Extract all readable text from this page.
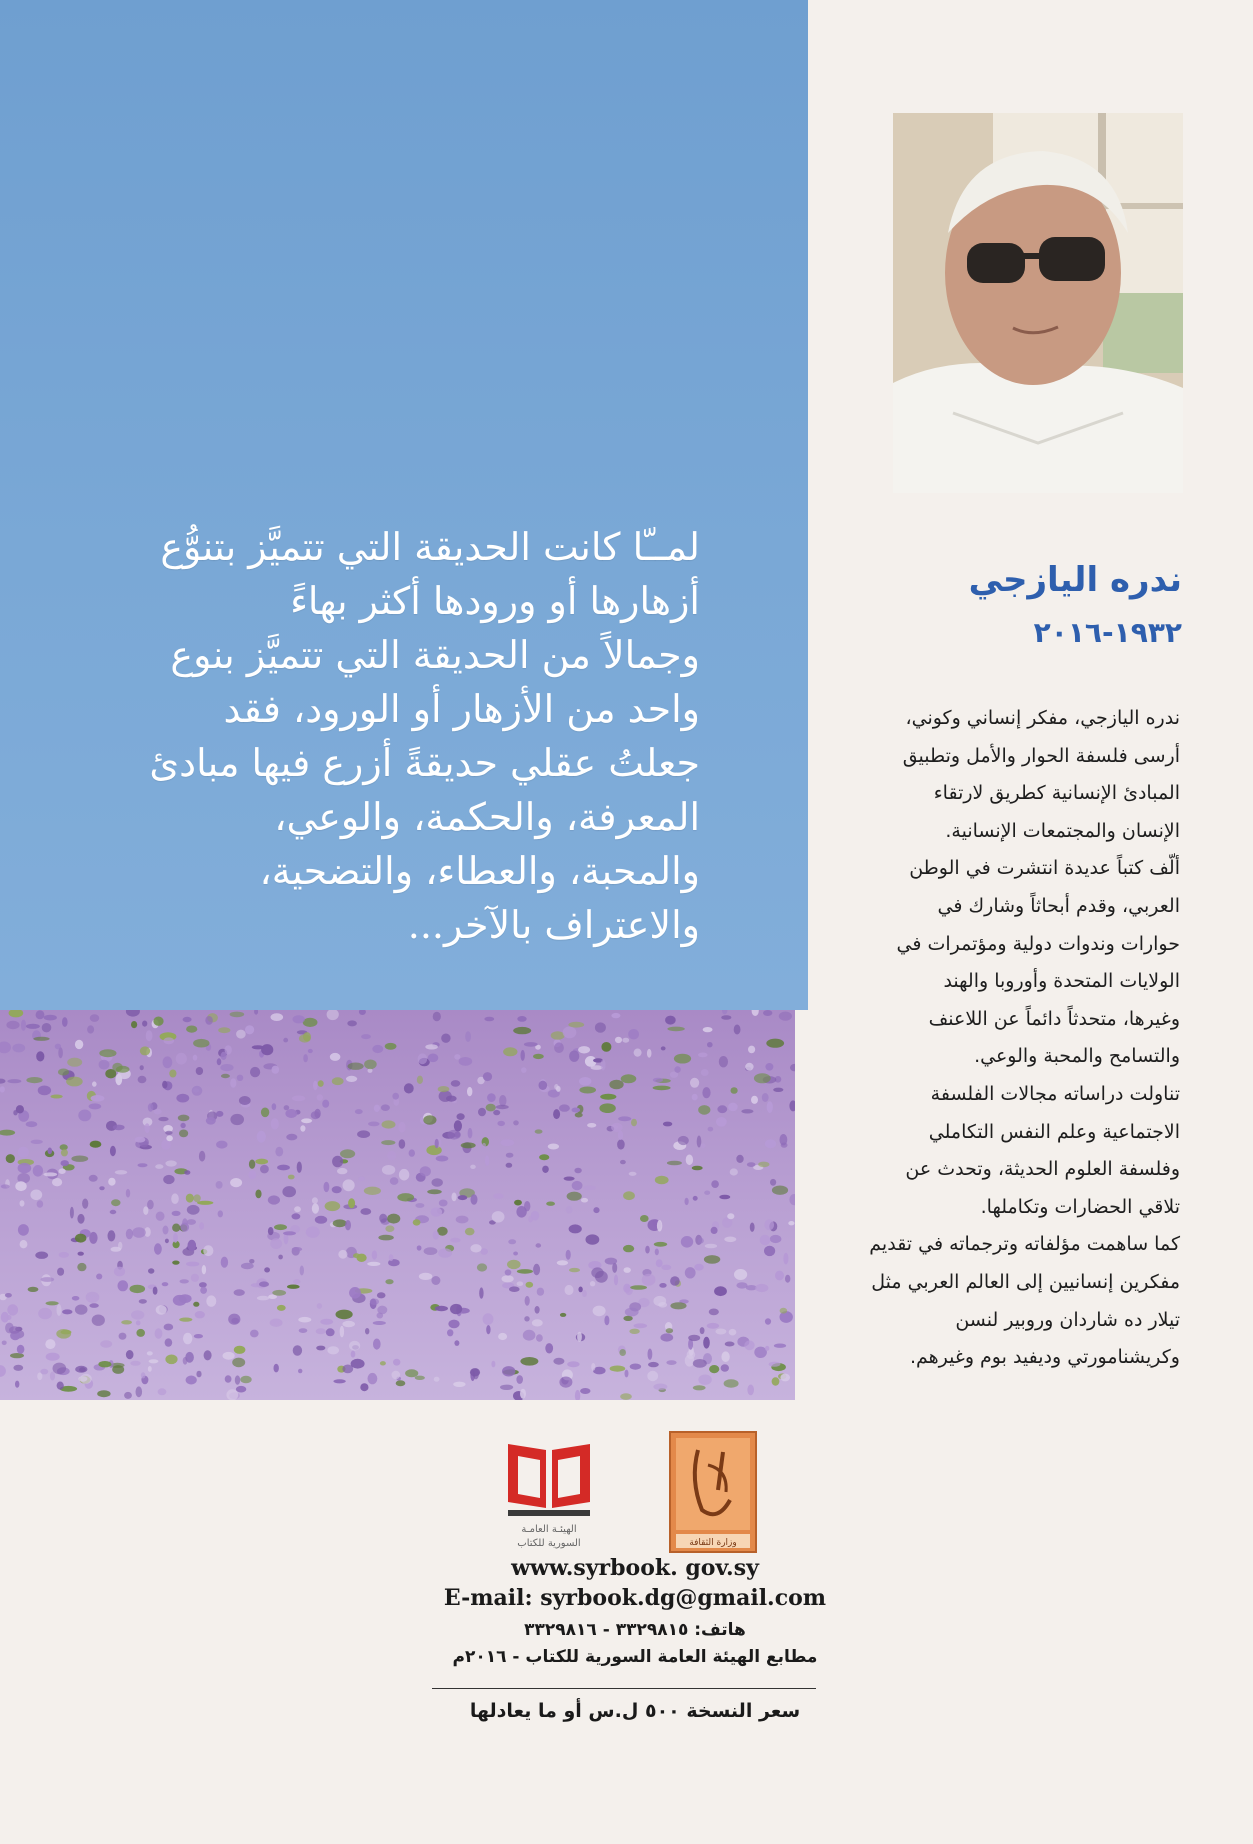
لمــّا كانت الحديقة التي تتميَّز بتنوُّع
أزهارها أو ورودها أكثر بهاءً
وجمالاً من الحديقة التي تتميَّز بنوع
واحد من الأزهار أو الورود، فقد
جعلتُ عقلي حديقةً أزرع فيها مبادئ
المعرفة، والحكمة، والوعي،
والمحبة، والعطاء، والتضحية،
والاعتراف بالآخر...
ندره اليازجي
١٩٣٢-٢٠١٦
ندره اليازجي، مفكر إنساني وكوني،
أرسى فلسفة الحوار والأمل وتطبيق
المبادئ الإنسانية كطريق لارتقاء
الإنسان والمجتمعات الإنسانية.
ألّف كتباً عديدة انتشرت في الوطن
العربي، وقدم أبحاثاً وشارك في
حوارات وندوات دولية ومؤتمرات في
الولايات المتحدة وأوروبا والهند
وغيرها، متحدثاً دائماً عن اللاعنف
والتسامح والمحبة والوعي.
تناولت دراساته مجالات الفلسفة
الاجتماعية وعلم النفس التكاملي
وفلسفة العلوم الحديثة، وتحدث عن
تلاقي الحضارات وتكاملها.
كما ساهمت مؤلفاته وترجماته في تقديم
مفكرين إنسانيين إلى العالم العربي مثل
تيلار ده شاردان وروبير لنسن
وكريشنامورتي وديفيد بوم وغيرهم.
الهيئـة العامـة
السورية للكتاب	وزارة الثقافة

www.syrbook. gov.sy

E-mail: syrbook.dg@gmail.com

هاتف: ٣٣٢٩٨١٥ - ٣٣٢٩٨١٦

مطابع الهيئة العامة السورية للكتاب - ٢٠١٦م

سعر النسخة ٥٠٠ ل.س أو ما يعادلها
